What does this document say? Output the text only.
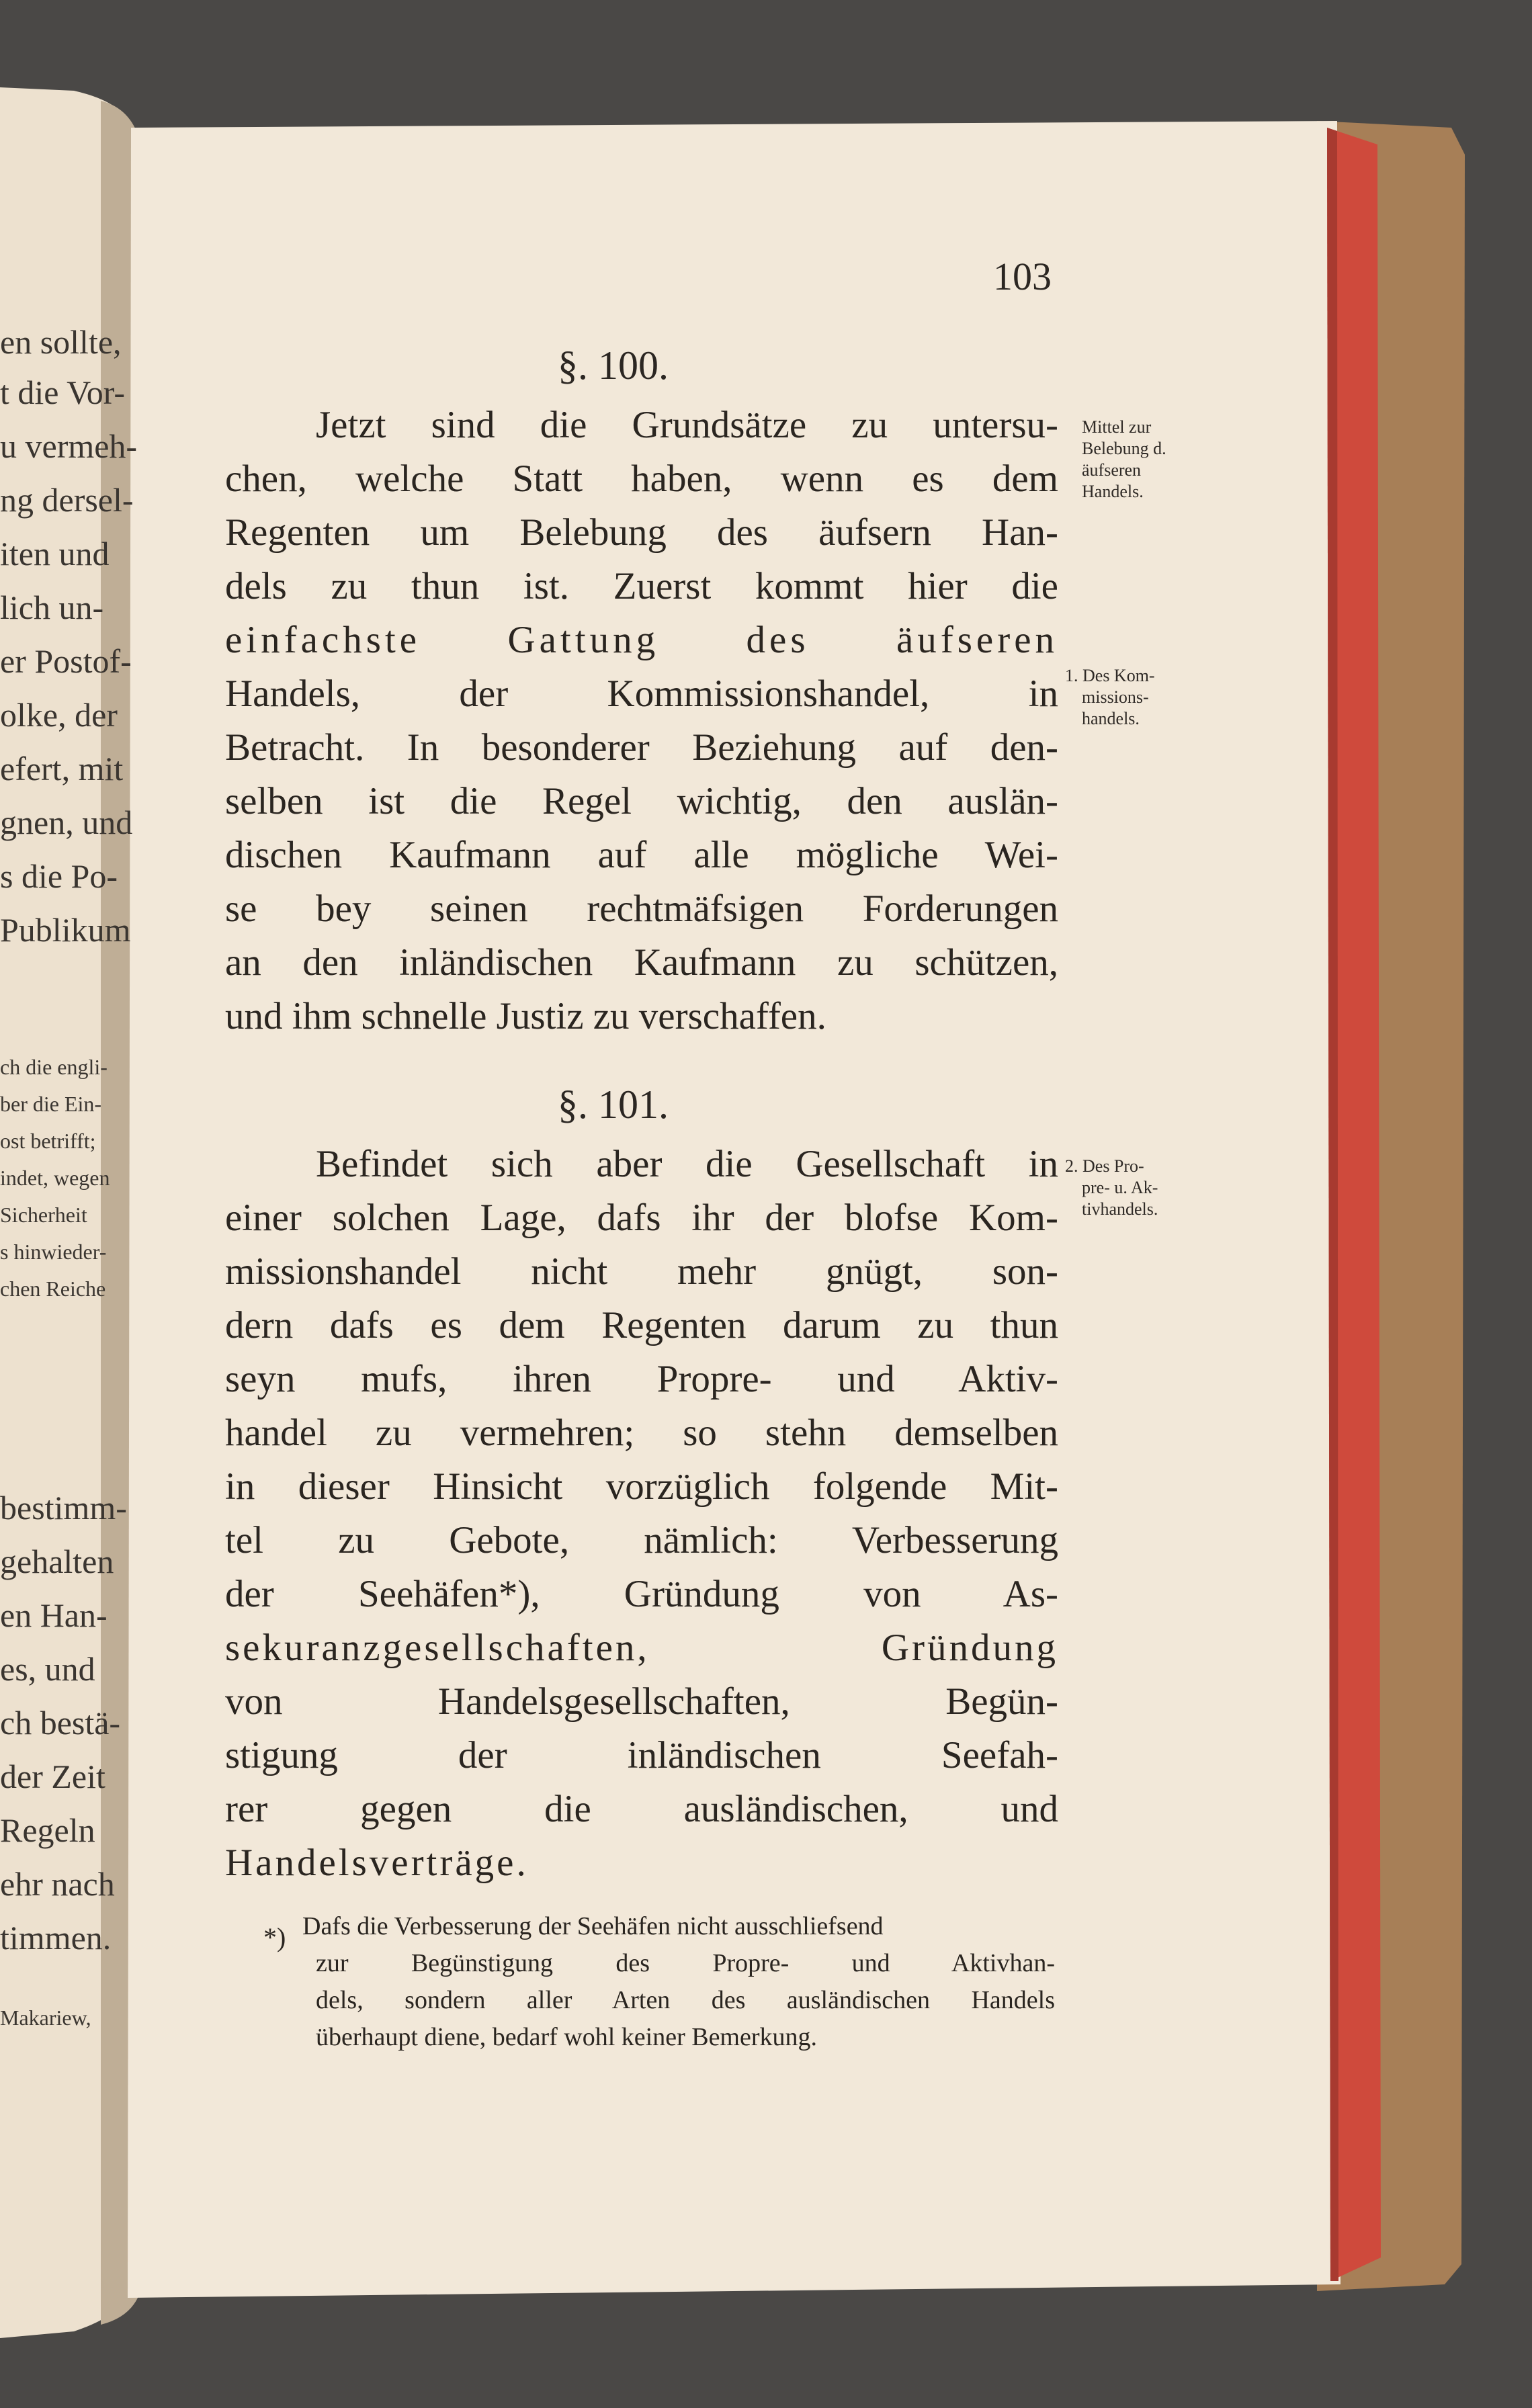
en sollte,
t die Vor-
u vermeh-
ng dersel-
iten und
lich un-
er Postof-
olke, der
efert, mit
gnen, und
s die Po-
Publikum
ch die engli-
ber die Ein-
ost betrifft;
indet, wegen
Sicherheit
s hinwieder-
chen Reiche
bestimm-
gehalten
en Han-
es, und
ch bestä-
der Zeit
Regeln
ehr nach
timmen.
Makariew,
103
§. 100.
Jetzt sind die Grundsätze zu untersu-
chen, welche Statt haben, wenn es dem
Regenten um Belebung des äufsern Han-
dels zu thun ist. Zuerst kommt hier die
einfachste Gattung des äufseren
Handels, der Kommissionshandel, in
Betracht. In besonderer Beziehung auf den-
selben ist die Regel wichtig, den auslän-
dischen Kaufmann auf alle mögliche Wei-
se bey seinen rechtmäfsigen Forderungen
an den inländischen Kaufmann zu schützen,
und ihm schnelle Justiz zu verschaffen.
§. 101.
Befindet sich aber die Gesellschaft in
einer solchen Lage, dafs ihr der blofse Kom-
missionshandel nicht mehr gnügt, son-
dern dafs es dem Regenten darum zu thun
seyn mufs, ihren Propre- und Aktiv-
handel zu vermehren; so stehn demselben
in dieser Hinsicht vorzüglich folgende Mit-
tel zu Gebote, nämlich: Verbesserung
der Seehäfen*), Gründung von As-
sekuranzgesellschaften, Gründung
von Handelsgesellschaften, Begün-
stigung der inländischen Seefah-
rer gegen die ausländischen, und
Handelsverträge.
Mittel zur
Belebung d.
äufseren
Handels.
1. Des Kom-
missions-
handels.
2. Des Pro-
pre- u. Ak-
tivhandels.
*) Dafs die Verbesserung der Seehäfen nicht ausschliefsend
zur Begünstigung des Propre- und Aktivhan-
dels, sondern aller Arten des ausländischen Handels
überhaupt diene, bedarf wohl keiner Bemerkung.
